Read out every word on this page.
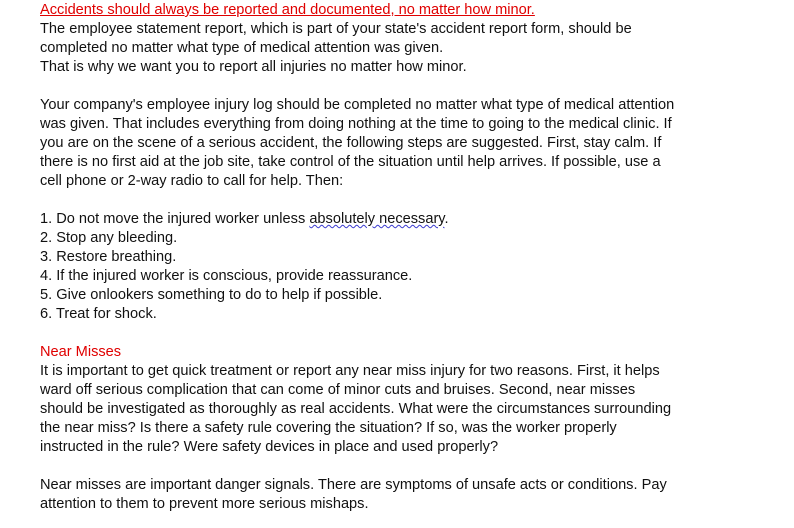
Accidents should always be reported and documented, no matter how minor.
The employee statement report, which is part of your state's accident report form, should be
completed no matter what type of medical attention was given.
That is why we want you to report all injuries no matter how minor.
Your company's employee injury log should be completed no matter what type of medical attention
was given. That includes everything from doing nothing at the time to going to the medical clinic. If
you are on the scene of a serious accident, the following steps are suggested. First, stay calm. If
there is no first aid at the job site, take control of the situation until help arrives. If possible, use a
cell phone or 2-way radio to call for help. Then:
1. Do not move the injured worker unless absolutely necessary.
2. Stop any bleeding.
3. Restore breathing.
4. If the injured worker is conscious, provide reassurance.
5. Give onlookers something to do to help if possible.
6. Treat for shock.
Near Misses
It is important to get quick treatment or report any near miss injury for two reasons. First, it helps
ward off serious complication that can come of minor cuts and bruises. Second, near misses
should be investigated as thoroughly as real accidents. What were the circumstances surrounding
the near miss? Is there a safety rule covering the situation? If so, was the worker properly
instructed in the rule? Were safety devices in place and used properly?
Near misses are important danger signals. There are symptoms of unsafe acts or conditions. Pay
attention to them to prevent more serious mishaps.
